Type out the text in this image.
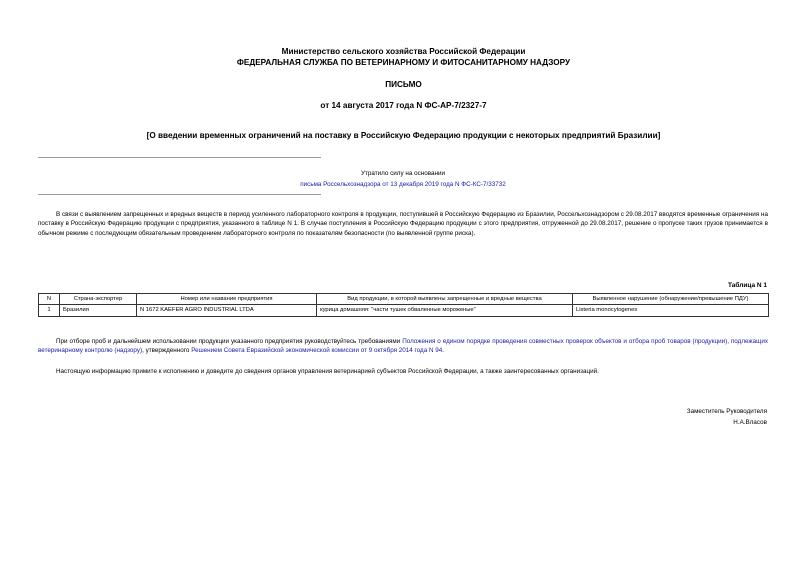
Министерство сельского хозяйства Российской Федерации
ФЕДЕРАЛЬНАЯ СЛУЖБА ПО ВЕТЕРИНАРНОМУ И ФИТОСАНИТАРНОМУ НАДЗОРУ
ПИСЬМО
от 14 августа 2017 года N ФС-АР-7/2327-7
[О введении временных ограничений на поставку в Российскую Федерацию продукции с некоторых предприятий Бразилии]
Утратило силу на основании
письма Россельхознадзора от 13 декабря 2019 года N ФС-КС-7/33732
В связи с выявлением запрещенных и вредных веществ в период усиленного лабораторного контроля в продукции, поступившей в Российскую Федерацию из Бразилии, Россельхознадзором с 29.08.2017 вводятся временные ограничения на поставку в Российскую Федерацию продукции с предприятия, указанного в таблице N 1. В случае поступления в Российскую Федерацию продукции с этого предприятия, отгруженной до 29.08.2017, решение о пропуске таких грузов принимается в обычном режиме с последующим обязательным проведением лабораторного контроля по показателям безопасности (по выявленной группе риска).
Таблица N 1
N	Страна-экспортер	Номер или название предприятия	Вид продукции, в которой выявлены запрещенные и вредные вещества	Выявленное нарушение (обнаружение/превышение ПДУ)
1	Бразилия	N 1672 KAEFER AGRO INDUSTRIAL LTDA	курица домашняя: "части тушек обваленные мороженые"	Listeria monocytogenes
При отборе проб и дальнейшем использовании продукции указанного предприятия руководствуйтесь требованиями Положения о едином порядке проведения совместных проверок объектов и отбора проб товаров (продукции), подлежащих ветеринарному контролю (надзору), утвержденного Решением Совета Евразийской экономической комиссии от 9 октября 2014 года N 94.
Настоящую информацию примите к исполнению и доведите до сведения органов управления ветеринарией субъектов Российской Федерации, а также заинтересованных организаций.
Заместитель Руководителя
Н.А.Власов
